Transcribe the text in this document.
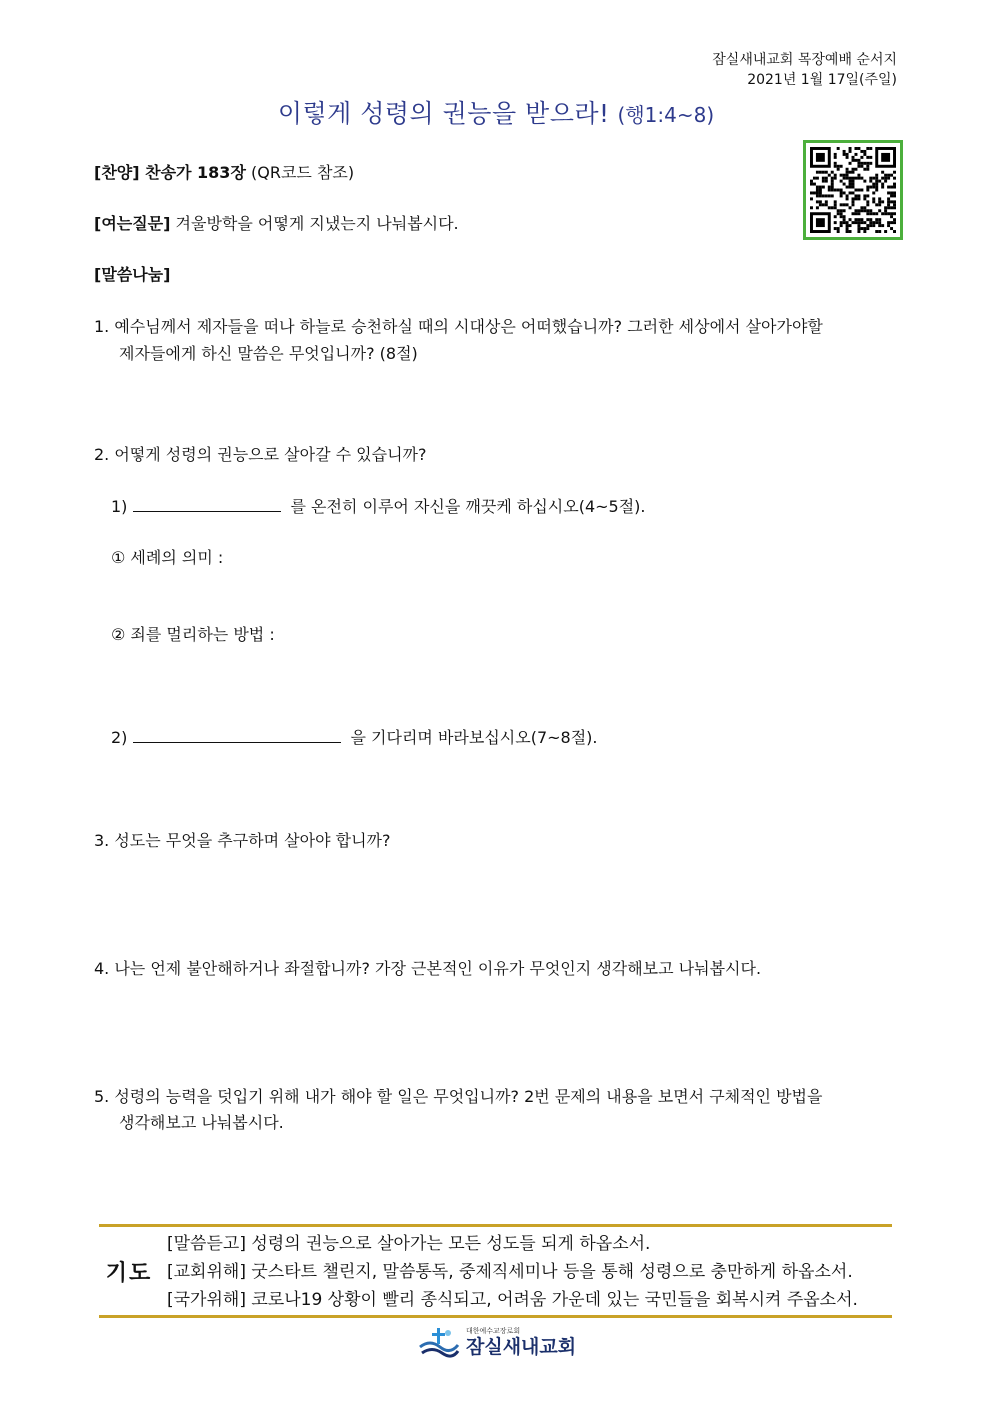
잠실새내교회 목장예배 순서지
2021년 1월 17일(주일)
이렇게 성령의 권능을 받으라! (행1:4~8)
[찬양] 찬송가 183장 (QR코드 참조)
[여는질문] 겨울방학을 어떻게 지냈는지 나눠봅시다.
[말씀나눔]
1. 예수님께서 제자들을 떠나 하늘로 승천하실 때의 시대상은 어떠했습니까? 그러한 세상에서 살아가야할
제자들에게 하신 말씀은 무엇입니까? (8절)
2. 어떻게 성령의 권능으로 살아갈 수 있습니까?
1)	를 온전히 이루어 자신을 깨끗케 하십시오(4~5절).
① 세례의 의미 :
② 죄를 멀리하는 방법 :
2)	을 기다리며 바라보십시오(7~8절).
3. 성도는 무엇을 추구하며 살아야 합니까?
4. 나는 언제 불안해하거나 좌절합니까? 가장 근본적인 이유가 무엇인지 생각해보고 나눠봅시다.
5. 성령의 능력을 덧입기 위해 내가 해야 할 일은 무엇입니까? 2번 문제의 내용을 보면서 구체적인 방법을
생각해보고 나눠봅시다.
기도
[말씀듣고] 성령의 권능으로 살아가는 모든 성도들 되게 하옵소서.
[교회위해] 굿스타트 챌린지, 말씀통독, 중제직세미나 등을 통해 성령으로 충만하게 하옵소서.
[국가위해] 코로나19 상황이 빨리 종식되고, 어려움 가운데 있는 국민들을 회복시켜 주옵소서.
대한예수교장로회
잠실새내교회
